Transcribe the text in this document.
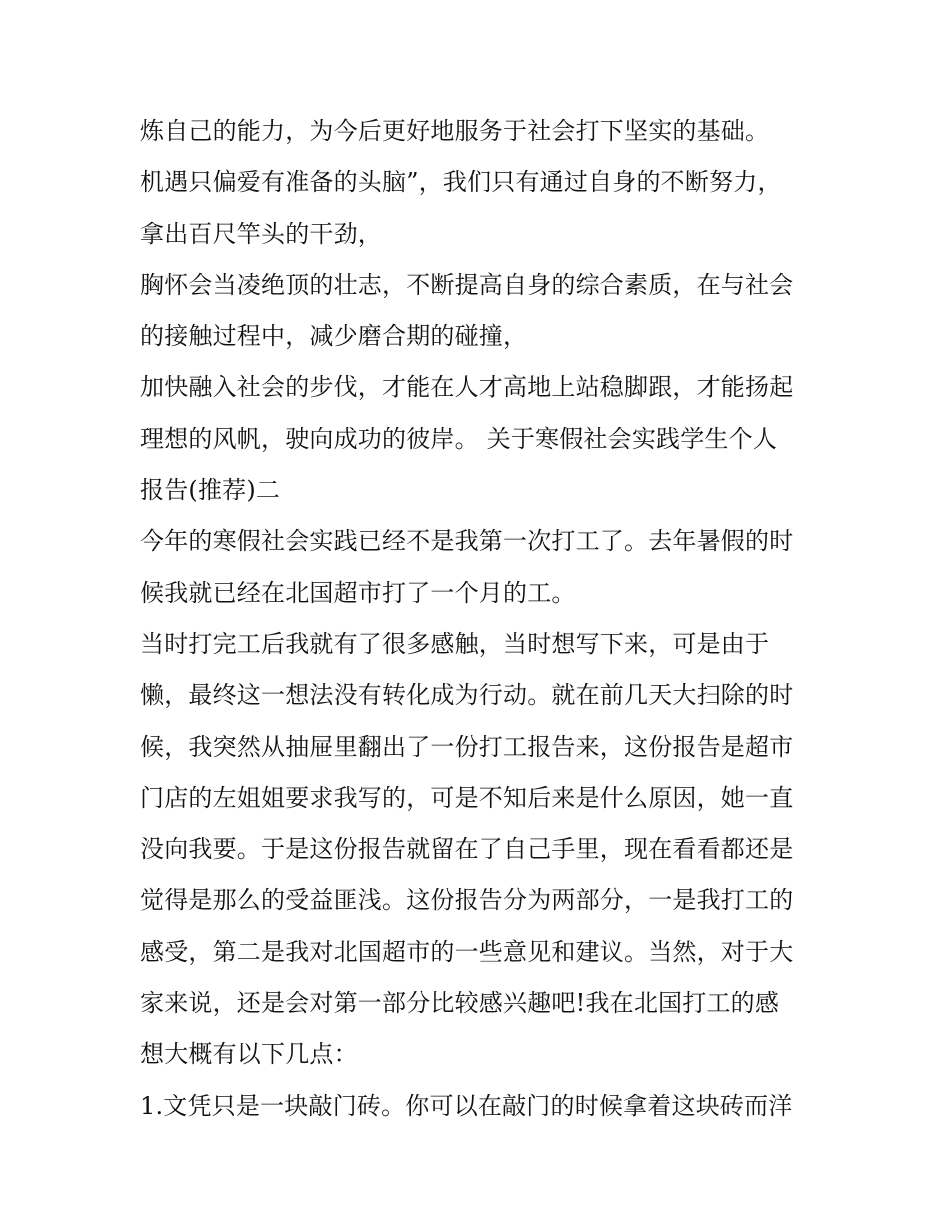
炼自己的能力，为今后更好地服务于社会打下坚实的基础。
机遇只偏爱有准备的头脑”，我们只有通过自身的不断努力，
拿出百尺竿头的干劲，
胸怀会当凌绝顶的壮志，不断提高自身的综合素质，在与社会
的接触过程中，减少磨合期的碰撞，
加快融入社会的步伐，才能在人才高地上站稳脚跟，才能扬起
理想的风帆，驶向成功的彼岸。 关于寒假社会实践学生个人
报告(推荐)二
今年的寒假社会实践已经不是我第一次打工了。去年暑假的时
候我就已经在北国超市打了一个月的工。
当时打完工后我就有了很多感触，当时想写下来，可是由于
懒，最终这一想法没有转化成为行动。就在前几天大扫除的时
候，我突然从抽屉里翻出了一份打工报告来，这份报告是超市
门店的左姐姐要求我写的，可是不知后来是什么原因，她一直
没向我要。于是这份报告就留在了自己手里，现在看看都还是
觉得是那么的受益匪浅。这份报告分为两部分，一是我打工的
感受，第二是我对北国超市的一些意见和建议。当然，对于大
家来说，还是会对第一部分比较感兴趣吧!我在北国打工的感
想大概有以下几点：
1.文凭只是一块敲门砖。你可以在敲门的时候拿着这块砖而洋
